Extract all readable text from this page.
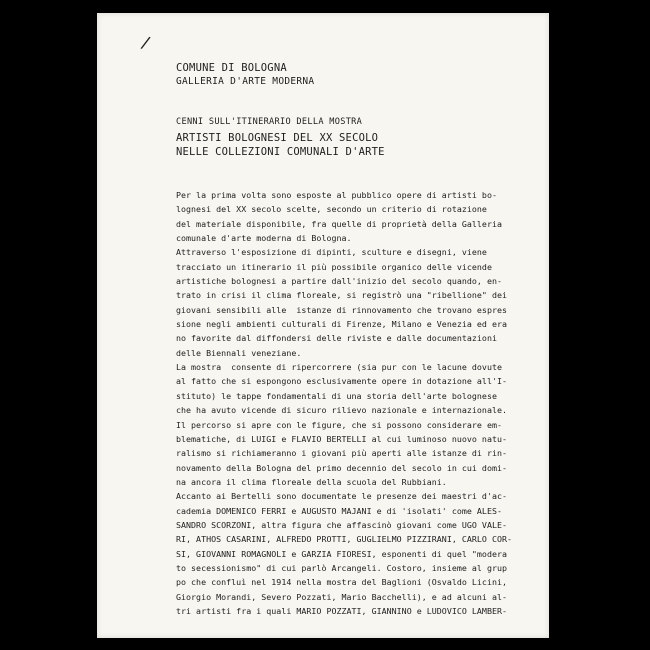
/
COMUNE DI BOLOGNA
GALLERIA D'ARTE MODERNA
CENNI SULL'ITINERARIO DELLA MOSTRA
ARTISTI BOLOGNESI DEL XX SECOLO
NELLE COLLEZIONI COMUNALI D'ARTE
Per la prima volta sono esposte al pubblico opere di artisti bo-
lognesi del XX secolo scelte, secondo un criterio di rotazione
del materiale disponibile, fra quelle di proprietà della Galleria
comunale d'arte moderna di Bologna.
Attraverso l'esposizione di dipinti, sculture e disegni, viene
tracciato un itinerario il più possibile organico delle vicende
artistiche bolognesi a partire dall'inizio del secolo quando, en-
trato in crisi il clima floreale, si registrò una "ribellione" dei
giovani sensibili alle  istanze di rinnovamento che trovano espres
sione negli ambienti culturali di Firenze, Milano e Venezia ed era
no favorite dal diffondersi delle riviste e dalle documentazioni
delle Biennali veneziane.
La mostra  consente di ripercorrere (sia pur con le lacune dovute
al fatto che si espongono esclusivamente opere in dotazione all'I-
stituto) le tappe fondamentali di una storia dell'arte bolognese
che ha avuto vicende di sicuro rilievo nazionale e internazionale.
Il percorso si apre con le figure, che si possono considerare em-
blematiche, di LUIGI e FLAVIO BERTELLI al cui luminoso nuovo natu-
ralismo si richiameranno i giovani più aperti alle istanze di rin-
novamento della Bologna del primo decennio del secolo in cui domi-
na ancora il clima floreale della scuola del Rubbiani.
Accanto ai Bertelli sono documentate le presenze dei maestri d'ac-
cademia DOMENICO FERRI e AUGUSTO MAJANI e di 'isolati' come ALES-
SANDRO SCORZONI, altra figura che affascinò giovani come UGO VALE-
RI, ATHOS CASARINI, ALFREDO PROTTI, GUGLIELMO PIZZIRANI, CARLO COR-
SI, GIOVANNI ROMAGNOLI e GARZIA FIORESI, esponenti di quel "modera
to secessionismo" di cui parlò Arcangeli. Costoro, insieme al grup
po che confluì nel 1914 nella mostra del Baglioni (Osvaldo Licini,
Giorgio Morandi, Severo Pozzati, Mario Bacchelli), e ad alcuni al-
tri artisti fra i quali MARIO POZZATI, GIANNINO e LUDOVICO LAMBER-
